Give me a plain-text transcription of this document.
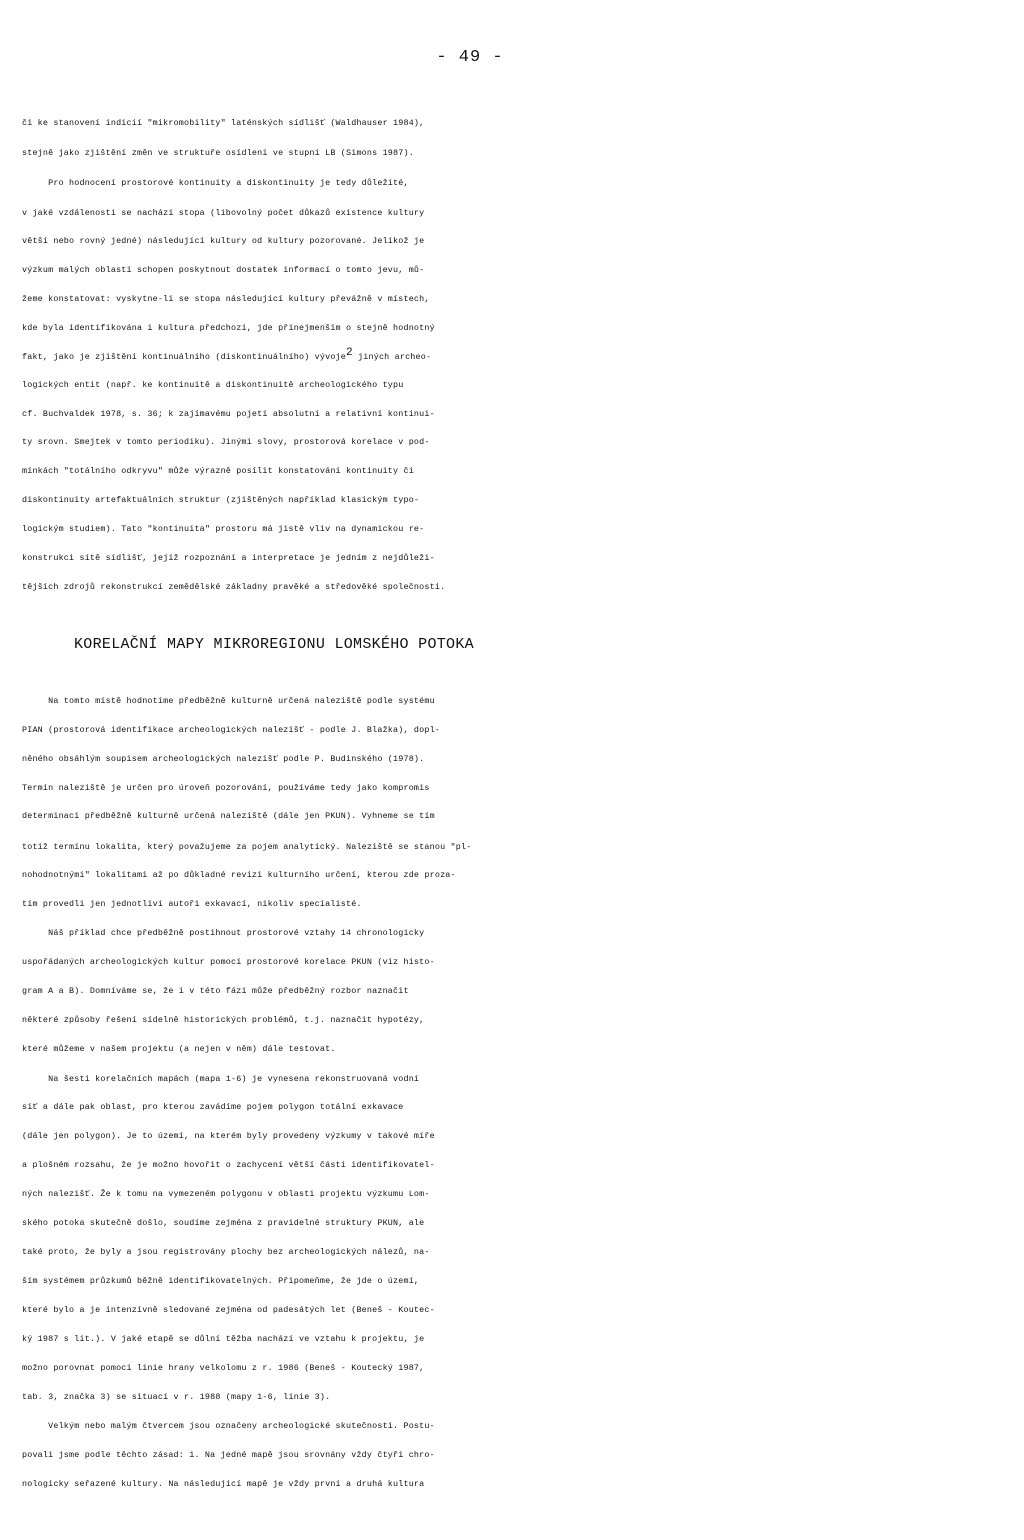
- 49 -
či ke stanovení indicií "mikromobility" laténských sídlišť (Waldhauser 1984),
stejně jako zjištění změn ve struktuře osídlení ve stupni LB (Simons 1987).
Pro hodnocení prostorové kontinuity a diskontinuity je tedy důležité,
v jaké vzdálenosti se nachází stopa (libovolný počet důkazů existence kultury
větší nebo rovný jedné) následující kultury od kultury pozorované. Jelikož je
výzkum malých oblastí schopen poskytnout dostatek informací o tomto jevu, mů-
žeme konstatovat: vyskytne-li se stopa následující kultury převážně v místech,
kde byla identifikována i kultura předchozí, jde přinejmenším o stejně hodnotný
fakt, jako je zjištění kontinuálního (diskontinuálního) vývoje$^2$ jiných archeo-
logických entit (např. ke kontinuitě a diskontinuitě archeologického typu
cf. Buchvaldek 1978, s. 36; k zajímavému pojetí absolutní a relativní kontinui-
ty srovn. Smejtek v tomto periodiku). Jinými slovy, prostorová korelace v pod-
mínkách "totálního odkryvu" může výrazně posílit konstatování kontinuity či
diskontinuity artefaktuálních struktur (zjištěných například klasickým typo-
logickým studiem). Tato "kontinuita" prostoru má jistě vliv na dynamickou re-
konstrukci sítě sídlišť, jejíž rozpoznání a interpretace je jedním z nejdůleži-
tějších zdrojů rekonstrukcí zemědělské základny pravěké a středověké společnosti.
KORELAČNÍ MAPY MIKROREGIONU LOMSKÉHO POTOKA
Na tomto místě hodnotíme předběžně kulturně určená naleziště podle systému
PIAN (prostorová identifikace archeologických nalezišť - podle J. Blažka), dopl-
něného obsáhlým soupisem archeologických nalezišť podle P. Budinského (1978).
Termín naleziště je určen pro úroveň pozorování, používáme tedy jako kompromis
determinaci předběžně kulturně určená naleziště (dále jen PKUN). Vyhneme se tím
totiž termínu lokalita, který považujeme za pojem analytický. Naleziště se stanou "pl-
nohodnotnými" lokalitami až po důkladné revizi kulturního určení, kterou zde proza-
tím provedli jen jednotliví autoři exkavací, nikoliv specialisté.
Náš příklad chce předběžně postihnout prostorové vztahy 14 chronologicky
uspořádaných archeologických kultur pomocí prostorové korelace PKUN (viz histo-
gram A a B). Domníváme se, že i v této fázi může předběžný rozbor naznačit
některé způsoby řešení sídelně historických problémů, t.j. naznačit hypotézy,
které můžeme v našem projektu (a nejen v něm) dále testovat.
Na šesti korelačních mapách (mapa 1-6) je vynesena rekonstruovaná vodní
síť a dále pak oblast, pro kterou zavádíme pojem polygon totální exkavace
(dále jen polygon). Je to území, na kterém byly provedeny výzkumy v takové míře
a plošném rozsahu, že je možno hovořit o zachycení větší části identifikovatel-
ných nalezišť. Že k tomu na vymezeném polygonu v oblasti projektu výzkumu Lom-
ského potoka skutečně došlo, soudíme zejména z pravidelné struktury PKUN, ale
také proto, že byly a jsou registrovány plochy bez archeologických nálezů, na-
ším systémem průzkumů běžně identifikovatelných. Připomeňme, že jde o území,
které bylo a je intenzívně sledované zejména od padesátých let (Beneš - Koutec-
ký 1987 s lit.). V jaké etapě se důlní těžba nachází ve vztahu k projektu, je
možno porovnat pomocí linie hrany velkolomu z r. 1986 (Beneš - Koutecký 1987,
tab. 3, značka 3) se situací v r. 1988 (mapy 1-6, linie 3).
Velkým nebo malým čtvercem jsou označeny archeologické skutečnosti. Postu-
povali jsme podle těchto zásad: 1. Na jedné mapě jsou srovnány vždy čtyři chro-
nologicky seřazené kultury. Na následující mapě je vždy první a druhá kultura
